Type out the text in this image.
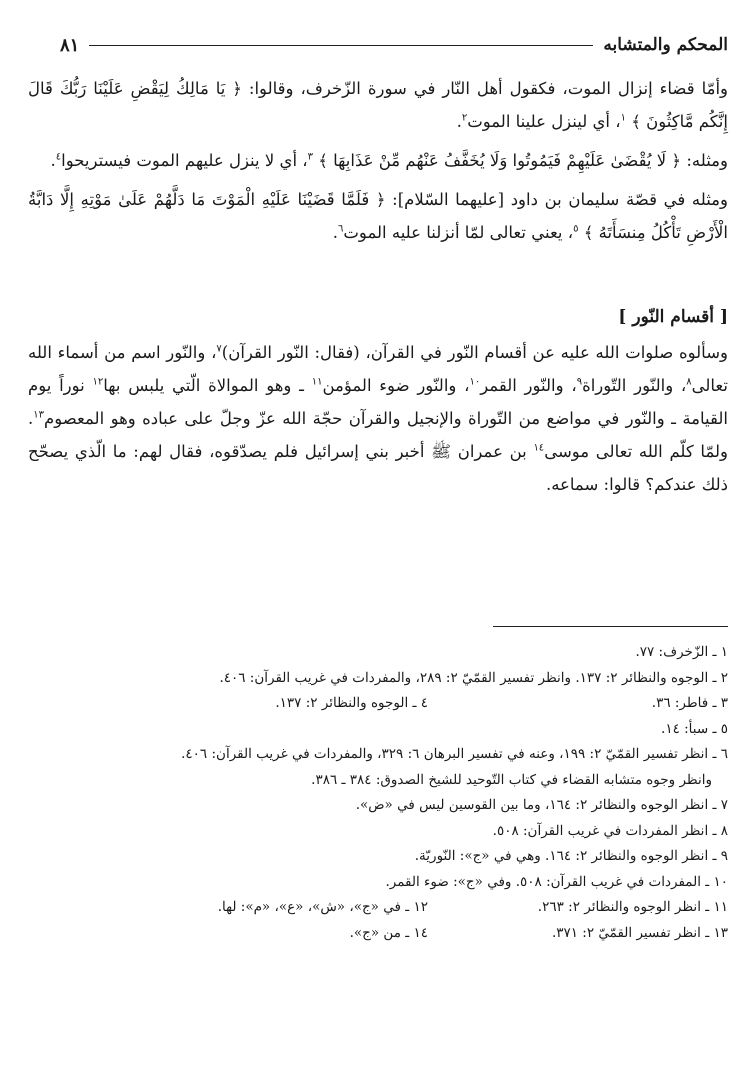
المحكم والمتشابه
٨١

وأمّا قضاء إنزال الموت، فكقول أهل النّار في سورة الزّخرف، وقالوا: ﴿ يَا مَالِكُ لِيَقْضِ عَلَيْنَا رَبُّكَ قَالَ إِنَّكُم مَّاكِثُونَ ﴾ $^١$، أي لينزل علينا الموت$^٢$.

ومثله: ﴿ لَا يُقْضَىٰ عَلَيْهِمْ فَيَمُوتُوا وَلَا يُخَفَّفُ عَنْهُم مِّنْ عَذَابِهَا ﴾ $^٣$، أي لا ينزل عليهم الموت فيستريحوا$^٤$.

ومثله في قصّة سليمان بن داود [عليهما السّلام]: ﴿ فَلَمَّا قَضَيْنَا عَلَيْهِ الْمَوْتَ مَا دَلَّهُمْ عَلَىٰ مَوْتِهِ إِلَّا دَابَّةُ الْأَرْضِ تَأْكُلُ مِنسَأَتَهُ ﴾ $^٥$، يعني تعالى لمّا أنزلنا عليه الموت$^٦$.

[ أقسام النّور ]

وسألوه صلوات الله عليه عن أقسام النّور في القرآن، (فقال: النّور القرآن)$^٧$، والنّور اسم من أسماء الله تعالى$^٨$، والنّور التّوراة$^٩$، والنّور القمر$^{١٠}$، والنّور ضوء المؤمن$^{١١}$ ـ وهو الموالاة الّتي يلبس بها$^{١٢}$ نوراً يوم القيامة ـ والنّور في مواضع من التّوراة والإنجيل والقرآن حجّة الله عزّ وجلّ على عباده وهو المعصوم$^{١٣}$. ولمّا كلّم الله تعالى موسى$^{١٤}$ بن عمران ﷺ أخبر بني إسرائيل فلم يصدّقوه، فقال لهم: ما الّذي يصحّح ذلك عندكم؟ قالوا: سماعه.

١ ـ الزّخرف: ٧٧.
٢ ـ الوجوه والنظائر ٢: ١٣٧. وانظر تفسير القمّيّ ٢: ٢٨٩، والمفردات في غريب القرآن: ٤٠٦.
٣ ـ فاطر: ٣٦.
٤ ـ الوجوه والنظائر ٢: ١٣٧.
٥ ـ سبأ: ١٤.
٦ ـ انظر تفسير القمّيّ ٢: ١٩٩، وعنه في تفسير البرهان ٦: ٣٢٩، والمفردات في غريب القرآن: ٤٠٦.
وانظر وجوه متشابه القضاء في كتاب التّوحيد للشيخ الصدوق: ٣٨٤ ـ ٣٨٦.
٧ ـ انظر الوجوه والنظائر ٢: ١٦٤، وما بين القوسين ليس في «ض».
٨ ـ انظر المفردات في غريب القرآن: ٥٠٨.
٩ ـ انظر الوجوه والنظائر ٢: ١٦٤. وهي في «ج»: النّوريّة.
١٠ ـ المفردات في غريب القرآن: ٥٠٨. وفي «ج»: ضوء القمر.
١١ ـ انظر الوجوه والنظائر ٢: ٢٦٣.
١٢ ـ في «ج»، «ش»، «ع»، «م»: لها.
١٣ ـ انظر تفسير القمّيّ ٢: ٣٧١.
١٤ ـ من «ج».
